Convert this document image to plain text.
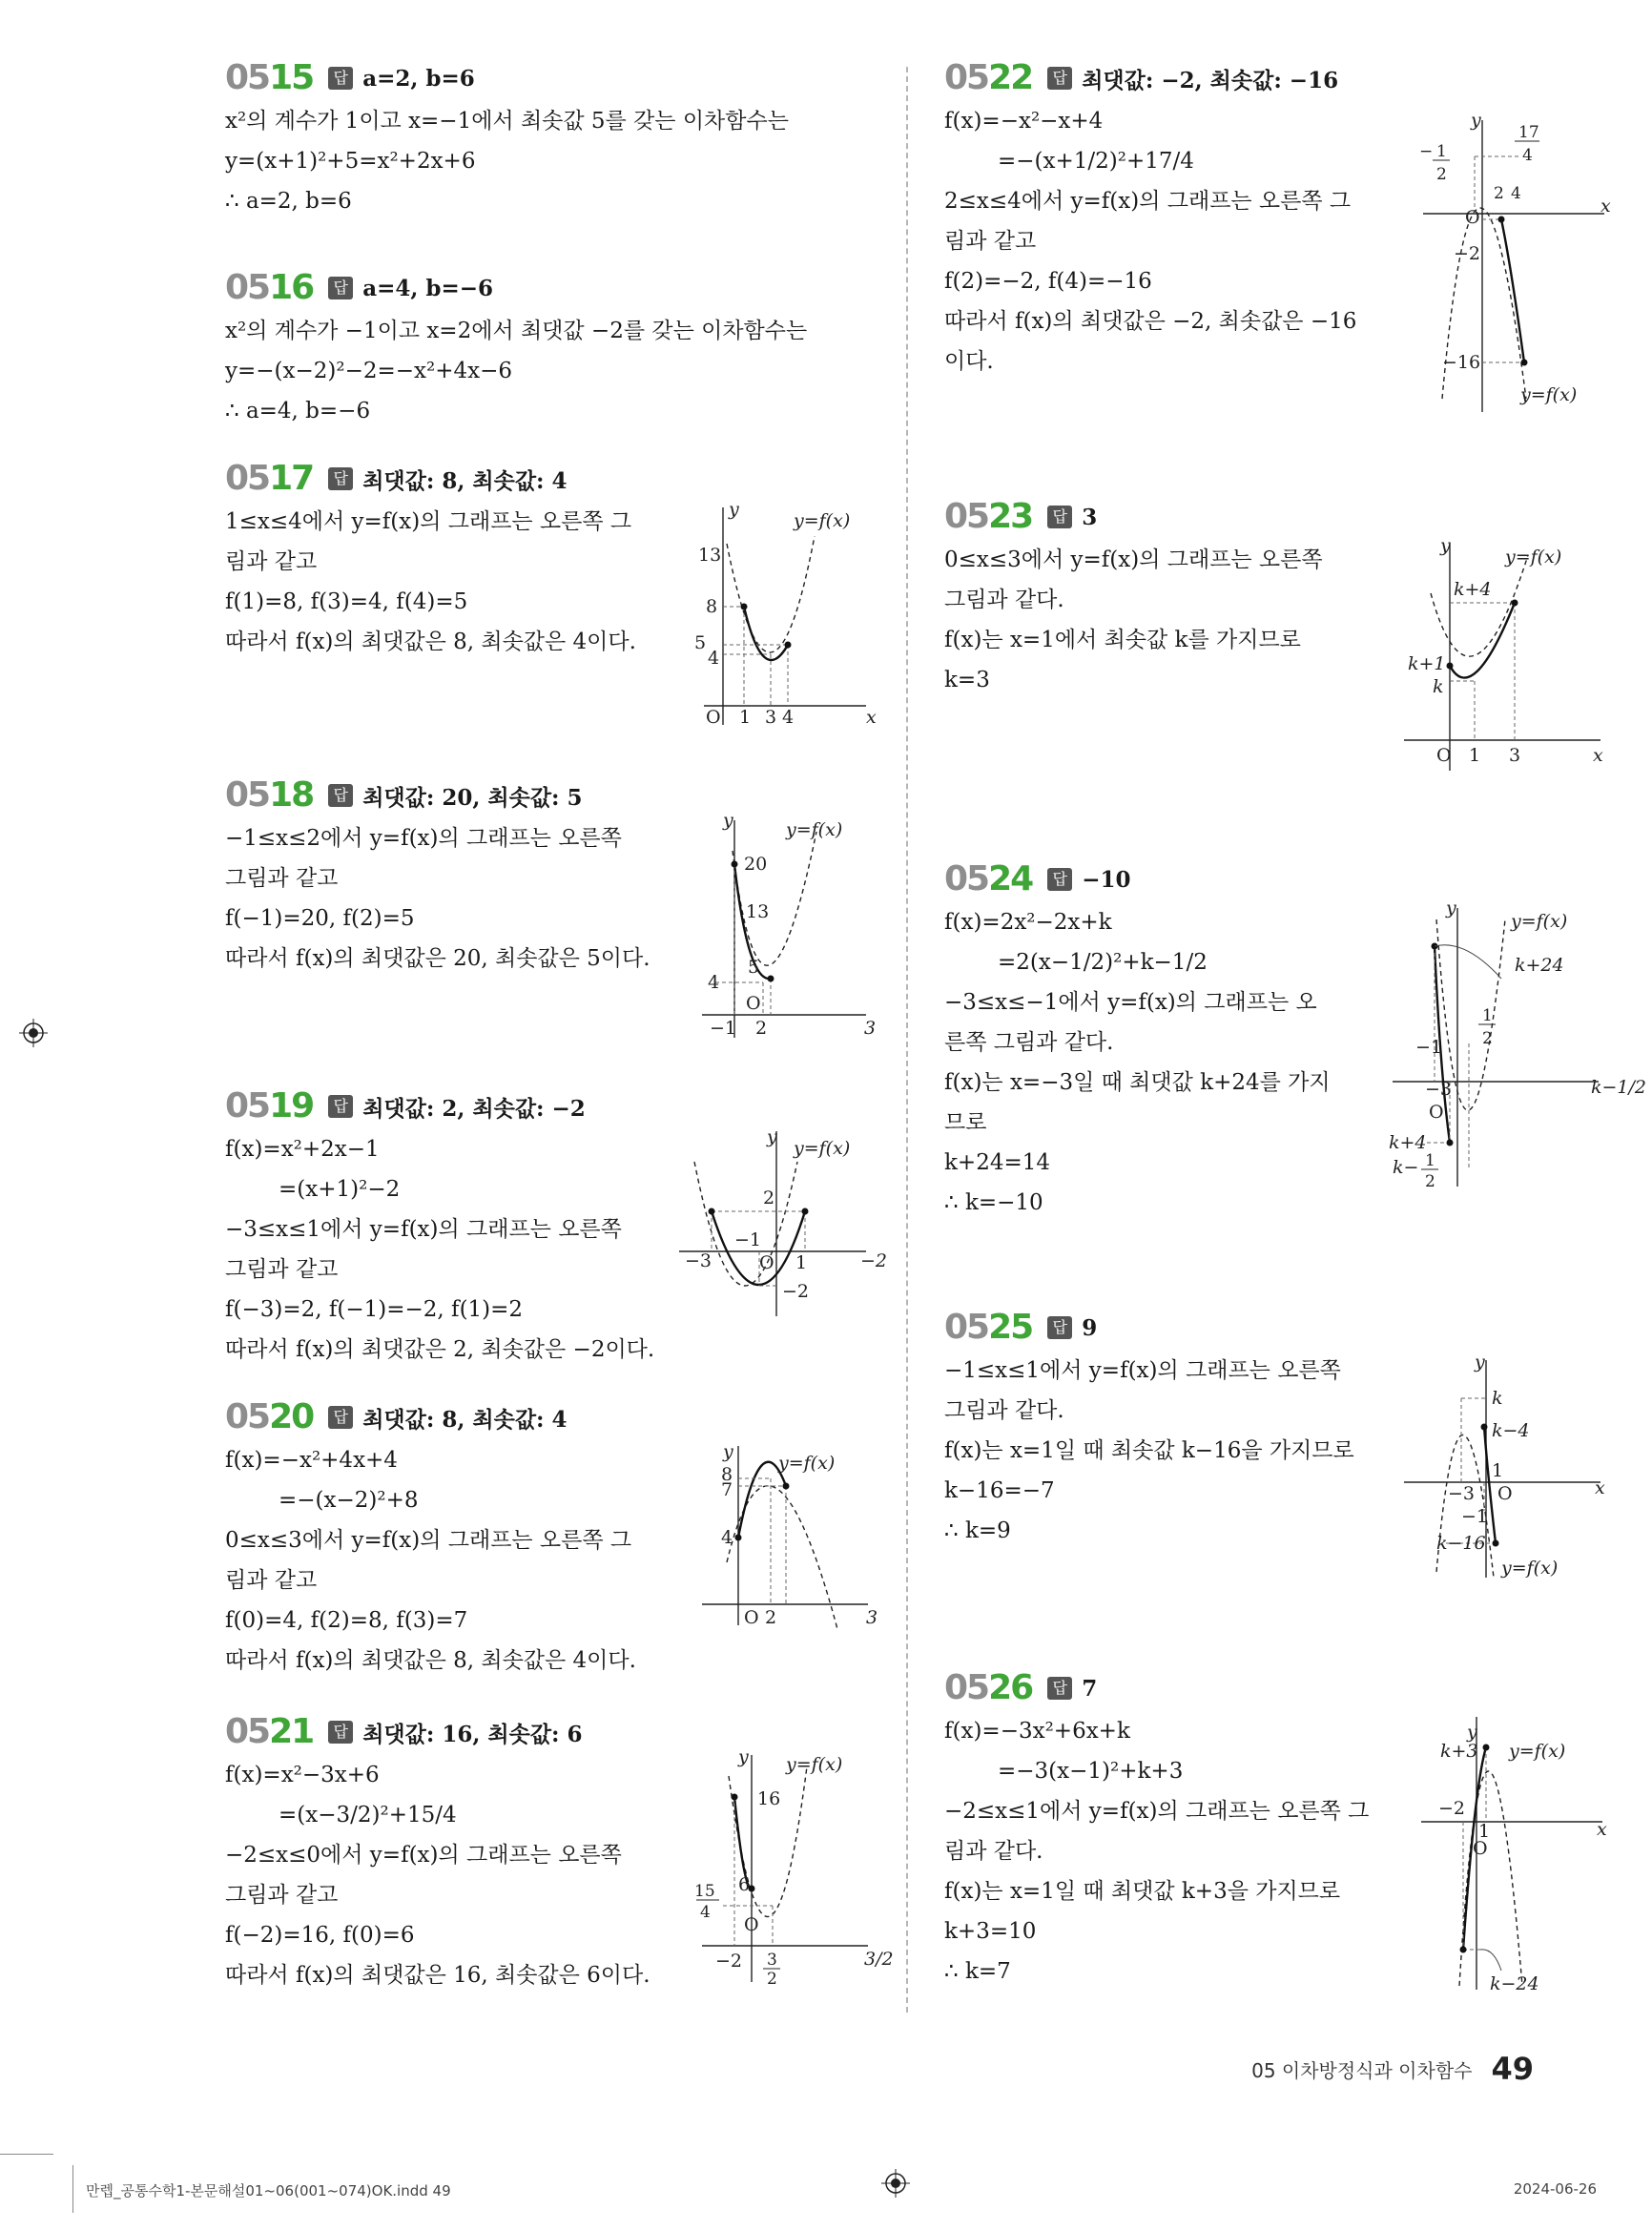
0515	답 a=2, b=6
x²의 계수가 1이고 x=−1에서 최솟값 5를 갖는 이차함수는
y=(x+1)²+5=x²+2x+6
∴ a=2, b=6
0516	답 a=4, b=−6
x²의 계수가 −1이고 x=2에서 최댓값 −2를 갖는 이차함수는
y=−(x−2)²−2=−x²+4x−6
∴ a=4, b=−6
0517	답 최댓값: 8, 최솟값: 4
1≤x≤4에서 y=f(x)의 그래프는 오른쪽 그
림과 같고
f(1)=8, f(3)=4, f(4)=5
따라서 f(x)의 최댓값은 8, 최솟값은 4이다.
0518	답 최댓값: 20, 최솟값: 5
−1≤x≤2에서 y=f(x)의 그래프는 오른쪽
그림과 같고
f(−1)=20, f(2)=5
따라서 f(x)의 최댓값은 20, 최솟값은 5이다.
0519	답 최댓값: 2, 최솟값: −2
f(x)=x²+2x−1
=(x+1)²−2
−3≤x≤1에서 y=f(x)의 그래프는 오른쪽
그림과 같고
f(−3)=2, f(−1)=−2, f(1)=2
따라서 f(x)의 최댓값은 2, 최솟값은 −2이다.
0520	답 최댓값: 8, 최솟값: 4
f(x)=−x²+4x+4
=−(x−2)²+8
0≤x≤3에서 y=f(x)의 그래프는 오른쪽 그
림과 같고
f(0)=4, f(2)=8, f(3)=7
따라서 f(x)의 최댓값은 8, 최솟값은 4이다.
0521	답 최댓값: 16, 최솟값: 6
f(x)=x²−3x+6
=(x−3/2)²+15/4
−2≤x≤0에서 y=f(x)의 그래프는 오른쪽
그림과 같고
f(−2)=16, f(0)=6
따라서 f(x)의 최댓값은 16, 최솟값은 6이다.
0522	답 최댓값: −2, 최솟값: −16
f(x)=−x²−x+4
=−(x+1/2)²+17/4
2≤x≤4에서 y=f(x)의 그래프는 오른쪽 그
림과 같고
f(2)=−2, f(4)=−16
따라서 f(x)의 최댓값은 −2, 최솟값은 −16
이다.
0523	답 3
0≤x≤3에서 y=f(x)의 그래프는 오른쪽
그림과 같다.
f(x)는 x=1에서 최솟값 k를 가지므로
k=3
0524	답 −10
f(x)=2x²−2x+k
=2(x−1/2)²+k−1/2
−3≤x≤−1에서 y=f(x)의 그래프는 오
른쪽 그림과 같다.
f(x)는 x=−3일 때 최댓값 k+24를 가지
므로
k+24=14
∴ k=−10
0525	답 9
−1≤x≤1에서 y=f(x)의 그래프는 오른쪽
그림과 같다.
f(x)는 x=1일 때 최솟값 k−16을 가지므로
k−16=−7
∴ k=9
0526	답 7
f(x)=−3x²+6x+k
=−3(x−1)²+k+3
−2≤x≤1에서 y=f(x)의 그래프는 오른쪽 그
림과 같다.
f(x)는 x=1일 때 최댓값 k+3을 가지므로
k+3=10
∴ k=7
y
y=f(x)
x
13
8
5
4
O 1 3 4
y	y=f(x)
3
20
13
5
4
O
−1 2
y
y=f(x)
−2
2
−1
−3	O 1
−2
y
y=f(x)
3
8
7
4
O 2
y y=f(x)
3/2
16
6
15
4
O
−2 3
2
y
y=f(x)
x
17
4
− 1
2
2 4
O
−2
−16
y
y=f(x)
k+4
k+1
k
x
O 1 3
y
y=f(x)
k+24
k+4
k−
k−1/2
1
2
−1
−3
O
1
2
y
k
k−4
k−16
y=f(x)
x
1
−3 O
−1
y
k+3 y=f(x)
k−24
x
−2
1
O
05 이차방정식과 이차함수 49
만렙_공통수학1-본문해설01~06(001~074)OK.indd 49	2024-06-26
